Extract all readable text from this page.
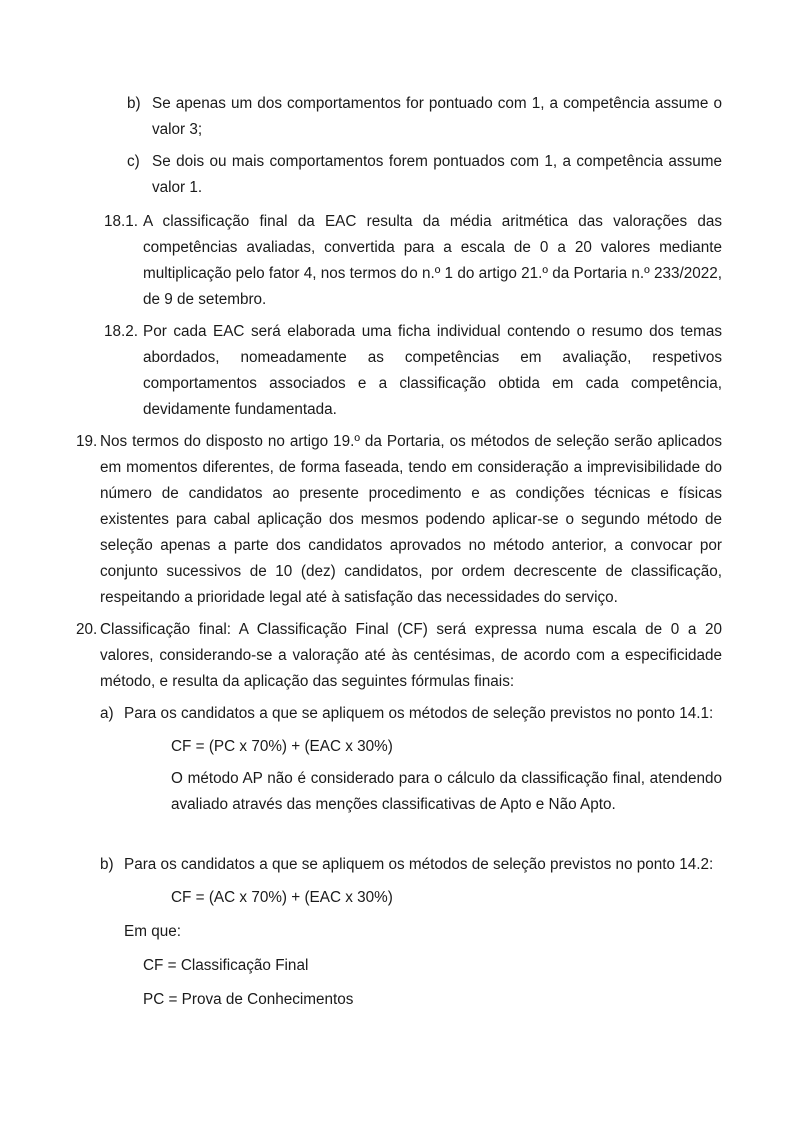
b) Se apenas um dos comportamentos for pontuado com 1, a competência assume o
valor 3;

c) Se dois ou mais comportamentos forem pontuados com 1, a competência assume
valor 1.

18.1. A classificação final da EAC resulta da média aritmética das valorações das competências avaliadas, convertida para a escala de 0 a 20 valores mediante multiplicação pelo fator 4, nos termos do n.º 1 do artigo 21.º da Portaria n.º 233/2022,
de 9 de setembro.

18.2. Por cada EAC será elaborada uma ficha individual contendo o resumo dos temas abordados, nomeadamente as competências em avaliação, respetivos comportamentos associados e a classificação obtida em cada competência,
devidamente fundamentada.

19. Nos termos do disposto no artigo 19.º da Portaria, os métodos de seleção serão aplicados em momentos diferentes, de forma faseada, tendo em consideração a imprevisibilidade do número de candidatos ao presente procedimento e as condições técnicas e físicas existentes para cabal aplicação dos mesmos podendo aplicar-se o segundo método de seleção apenas a parte dos candidatos aprovados no método anterior, a convocar por conjunto sucessivos de 10 (dez) candidatos, por ordem decrescente de classificação,
respeitando a prioridade legal até à satisfação das necessidades do serviço.

20. Classificação final: A Classificação Final (CF) será expressa numa escala de 0 a 20 valores, considerando-se a valoração até às centésimas, de acordo com a especificidade
método, e resulta da aplicação das seguintes fórmulas finais:

a) Para os candidatos a que se apliquem os métodos de seleção previstos no ponto 14.1:

CF = (PC x 70%) + (EAC x 30%)

O método AP não é considerado para o cálculo da classificação final, atendendo
avaliado através das menções classificativas de Apto e Não Apto.

b) Para os candidatos a que se apliquem os métodos de seleção previstos no ponto 14.2:

CF = (AC x 70%) + (EAC x 30%)

Em que:

CF = Classificação Final

PC = Prova de Conhecimentos
